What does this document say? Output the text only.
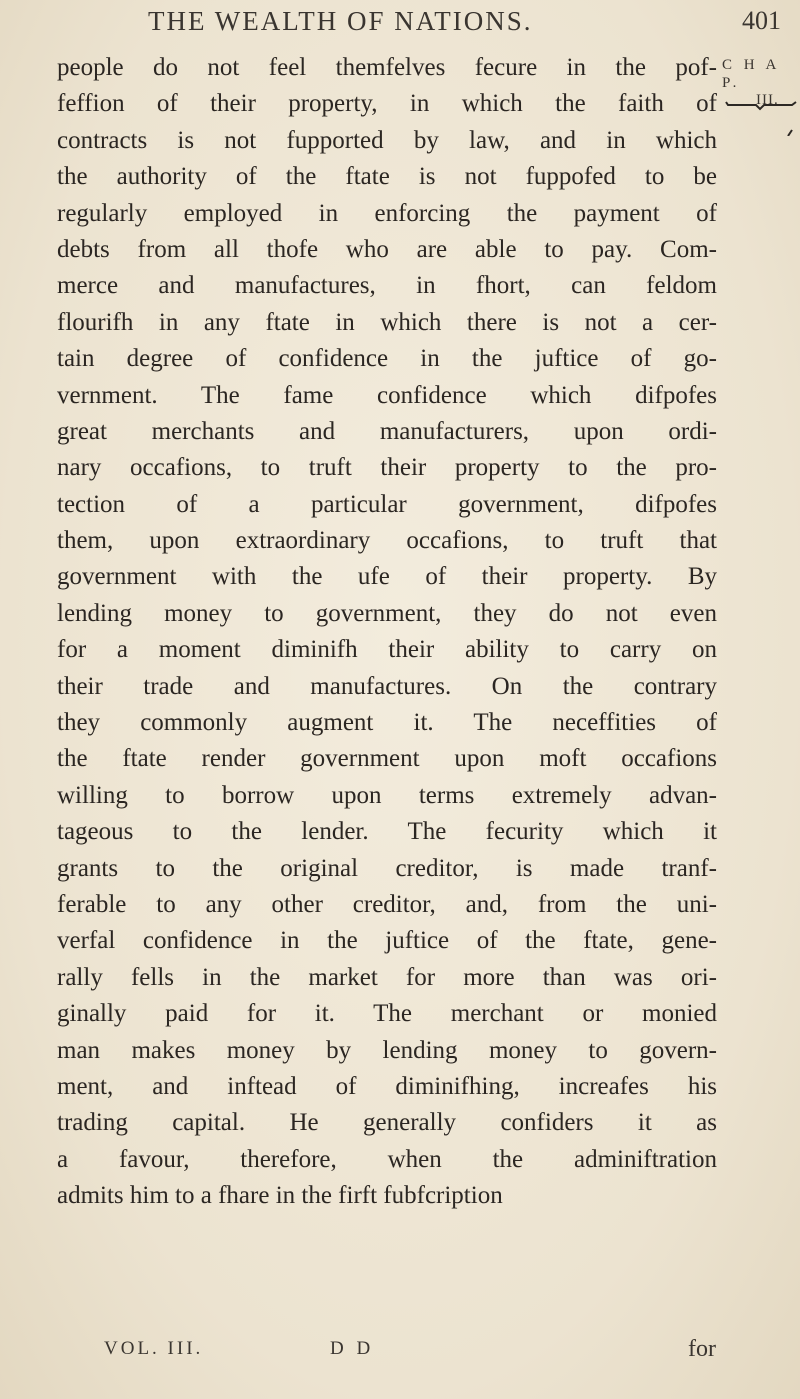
THE WEALTH OF NATIONS.	401
C H A P.
III.
people do not feel themfelves fecure in the pof-
feffion of their property, in which the faith of
contracts is not fupported by law, and in which
the authority of the ftate is not fuppofed to be
regularly employed in enforcing the payment of
debts from all thofe who are able to pay. Com-
merce and manufactures, in fhort, can feldom
flourifh in any ftate in which there is not a cer-
tain degree of confidence in the juftice of go-
vernment. The fame confidence which difpofes
great merchants and manufacturers, upon ordi-
nary occafions, to truft their property to the pro-
tection of a particular government, difpofes
them, upon extraordinary occafions, to truft that
government with the ufe of their property. By
lending money to government, they do not even
for a moment diminifh their ability to carry on
their trade and manufactures. On the contrary
they commonly augment it. The neceffities of
the ftate render government upon moft occafions
willing to borrow upon terms extremely advan-
tageous to the lender. The fecurity which it
grants to the original creditor, is made tranf-
ferable to any other creditor, and, from the uni-
verfal confidence in the juftice of the ftate, gene-
rally fells in the market for more than was ori-
ginally paid for it. The merchant or monied
man makes money by lending money to govern-
ment, and inftead of diminifhing, increafes his
trading capital. He generally confiders it as
a favour, therefore, when the adminiftration
admits him to a fhare in the firft fubfcription
VOL. III.	D D	for
